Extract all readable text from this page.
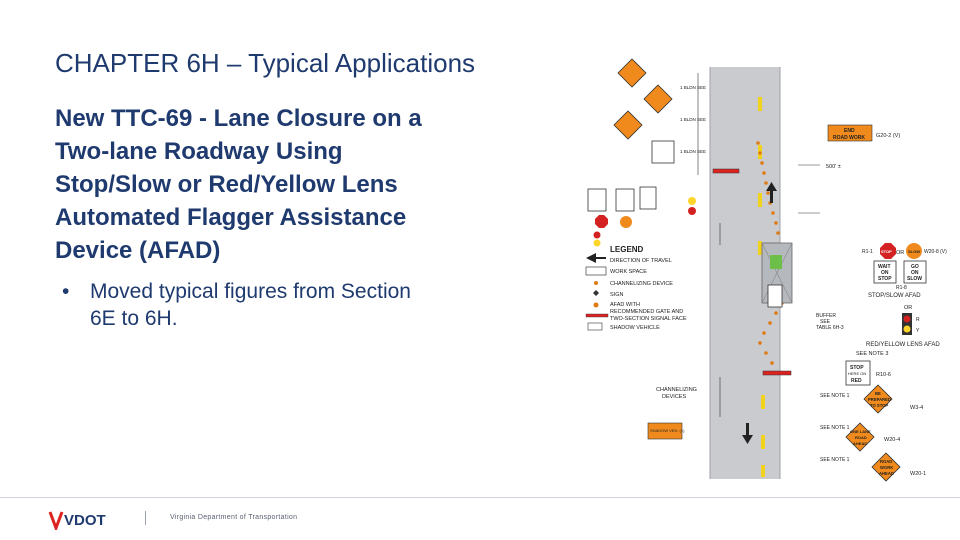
CHAPTER 6H – Typical Applications
New TTC-69 - Lane Closure on a
Two-lane Roadway Using
Stop/Slow or Red/Yellow Lens
Automated Flagger Assistance
Device (AFAD)
• Moved typical figures from Section
6E to 6H.
LEGEND
DIRECTION OF TRAVEL
WORK SPACE
CHANNELIZING DEVICE
SIGN
AFAD WITH
RECOMMENDED GATE AND
TWO-SECTION SIGNAL FACE
SHADOW VEHICLE
END
ROAD WORK G20-2 (V)
500' ±
OR
R1-1	W20-8 (V)
WAIT
ON
STOP
GO
ON
SLOW
R1-8
STOP/SLOW AFAD
OR
R
Y
RED/YELLOW LENS AFAD
SEE NOTE 3
BUFFER
SEE
TABLE 6H-3
STOP
HERE ON
RED
R10-6
BE
PREPARED
TO STOP	W3-4
ONE LANE
ROAD
AHEAD
W20-4
ROAD
WORK
AHEAD	W20-1
SEE NOTE 1
SEE NOTE 1
SEE NOTE 1
CHANNELIZING
DEVICES
SHADOW VEH. (1)
1 BLDN SEE
1 BLDN SEE
1 BLDN SEE
STOP	SLOW
VDOT	Virginia Department of Transportation
